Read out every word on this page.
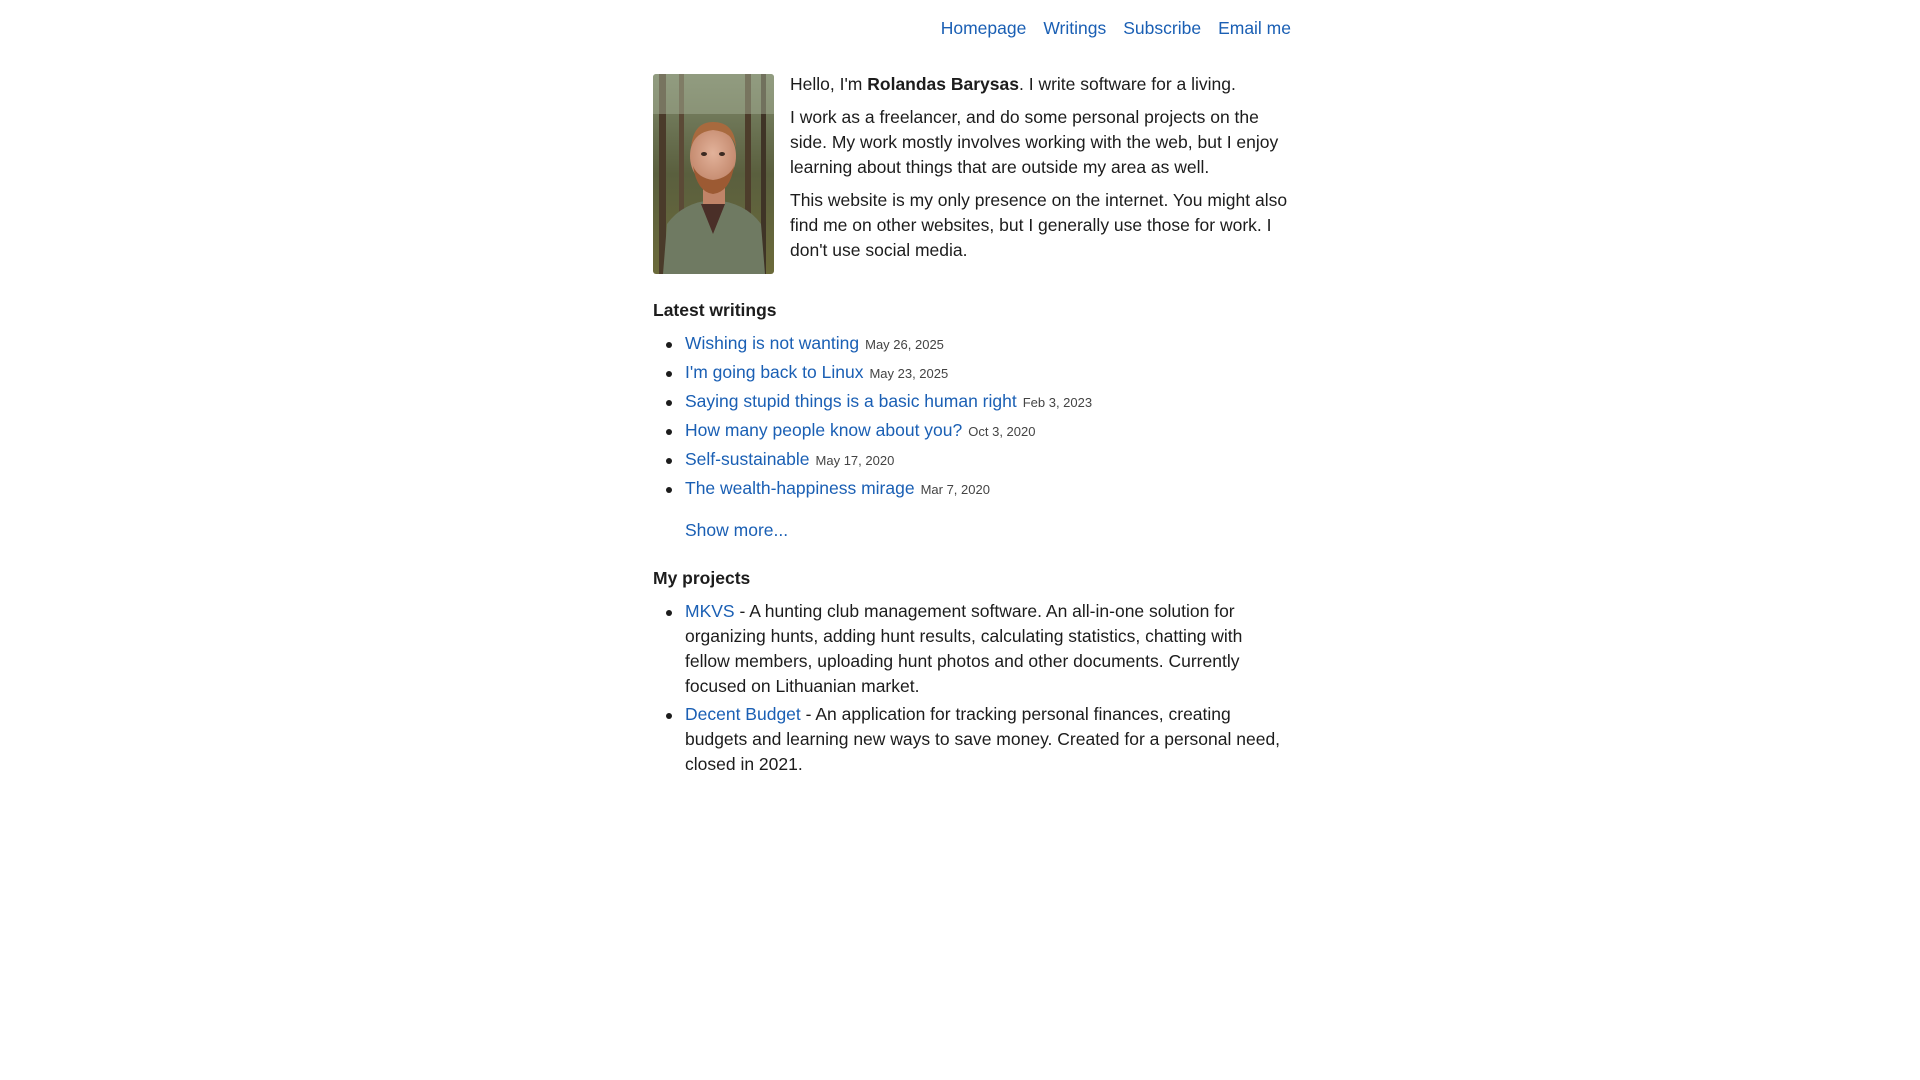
Homepage Writings Subscribe Email me

Hello, I'm Rolandas Barysas. I write software for a living.

I work as a freelancer, and do some personal projects on the side. My work mostly involves working with the web, but I enjoy learning about things that are outside my area as well.

This website is my only presence on the internet. You might also find me on other websites, but I generally use those for work. I don't use social media.

Latest writings
Wishing is not wanting May 26, 2025
I'm going back to Linux May 23, 2025
Saying stupid things is a basic human right Feb 3, 2023
How many people know about you? Oct 3, 2020
Self-sustainable May 17, 2020
The wealth-happiness mirage Mar 7, 2020
Show more...
My projects
MKVS - A hunting club management software. An all-in-one solution for organizing hunts, adding hunt results, calculating statistics, chatting with fellow members, uploading hunt photos and other documents. Currently focused on Lithuanian market.
Decent Budget - An application for tracking personal finances, creating budgets and learning new ways to save money. Created for a personal need, closed in 2021.
